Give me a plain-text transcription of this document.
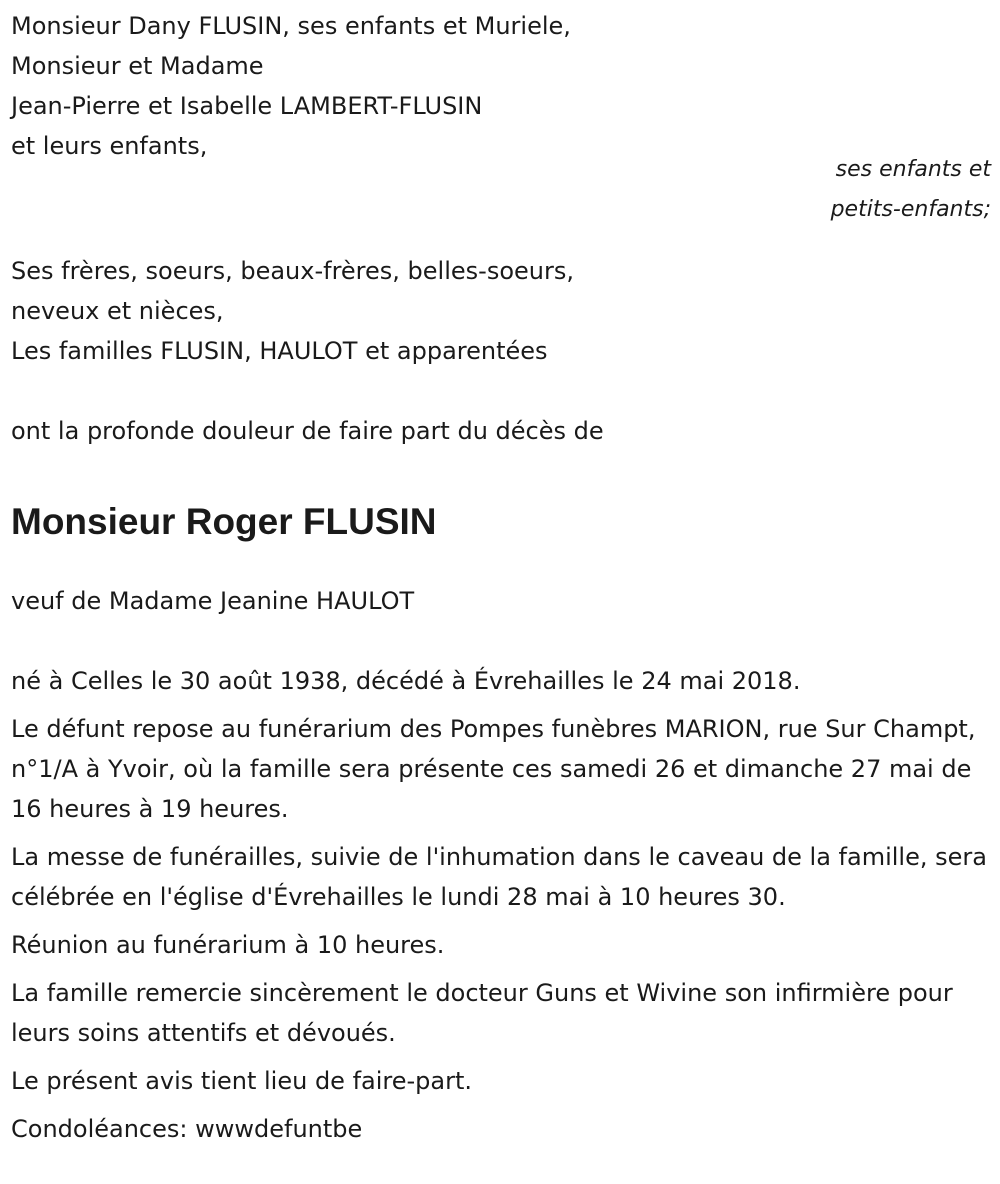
Monsieur Dany FLUSIN, ses enfants et Muriele,

Monsieur et Madame

Jean-Pierre et Isabelle LAMBERT-FLUSIN

et leurs enfants,

ses enfants et

petits-enfants;

Ses frères, soeurs, beaux-frères, belles-soeurs,

neveux et nièces,

Les familles FLUSIN, HAULOT et apparentées

ont la profonde douleur de faire part du décès de

Monsieur Roger FLUSIN

veuf de Madame Jeanine HAULOT

né à Celles le 30 août 1938, décédé à Évrehailles le 24 mai 2018.

Le défunt repose au funérarium des Pompes funèbres MARION, rue Sur Champt, n°1/A à Yvoir, où la famille sera présente ces samedi 26 et dimanche 27 mai de 16 heures à 19 heures.

La messe de funérailles, suivie de l'inhumation dans le caveau de la famille, sera célébrée en l'église d'Évrehailles le lundi 28 mai à 10 heures 30.

Réunion au funérarium à 10 heures.

La famille remercie sincèrement le docteur Guns et Wivine son infirmière pour leurs soins attentifs et dévoués.

Le présent avis tient lieu de faire-part.

Condoléances: wwwdefuntbe
